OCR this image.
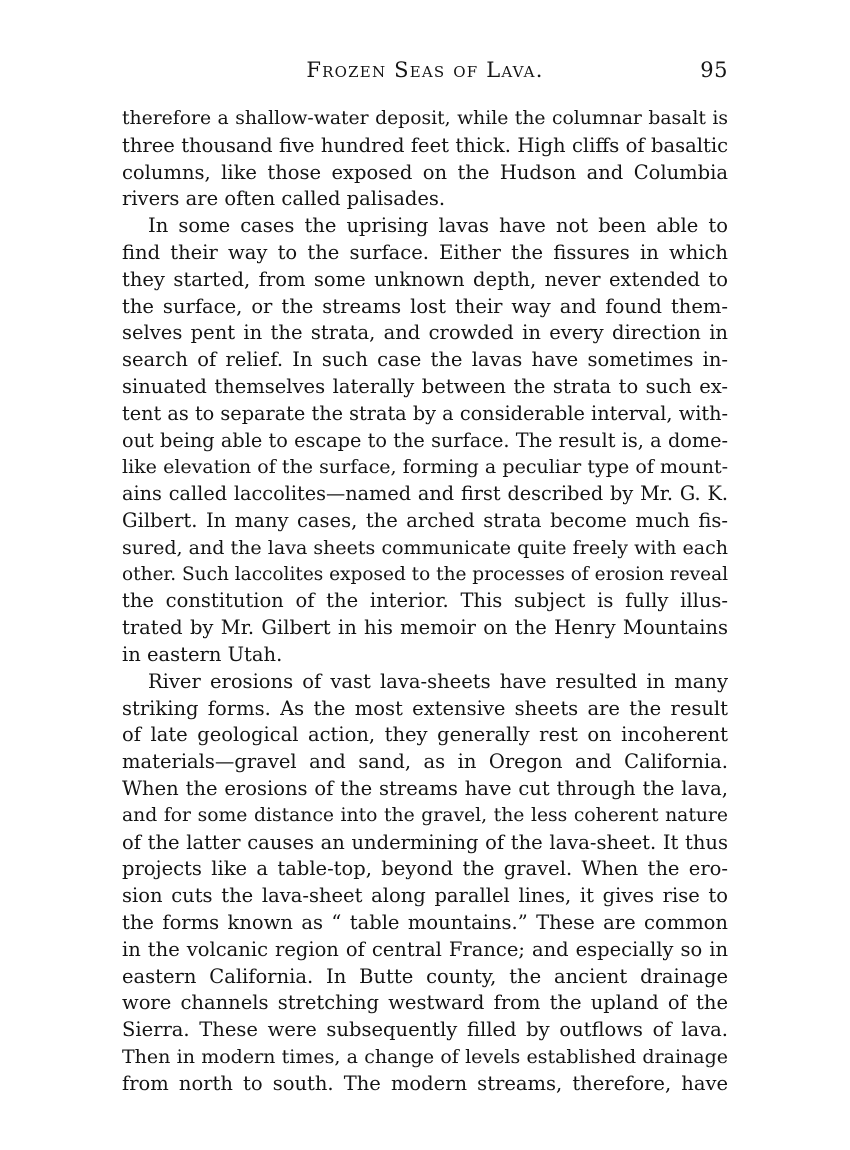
Frozen Seas of Lava.	95
therefore a shallow-water deposit, while the columnar basalt is
three thousand five hundred feet thick. High cliffs of basaltic
columns, like those exposed on the Hudson and Columbia
rivers are often called palisades.
In some cases the uprising lavas have not been able to
find their way to the surface. Either the fissures in which
they started, from some unknown depth, never extended to
the surface, or the streams lost their way and found them-
selves pent in the strata, and crowded in every direction in
search of relief. In such case the lavas have sometimes in-
sinuated themselves laterally between the strata to such ex-
tent as to separate the strata by a considerable interval, with-
out being able to escape to the surface. The result is, a dome-
like elevation of the surface, forming a peculiar type of mount-
ains called laccolites—named and first described by Mr. G. K.
Gilbert. In many cases, the arched strata become much fis-
sured, and the lava sheets communicate quite freely with each
other. Such laccolites exposed to the processes of erosion reveal
the constitution of the interior. This subject is fully illus-
trated by Mr. Gilbert in his memoir on the Henry Mountains
in eastern Utah.
River erosions of vast lava-sheets have resulted in many
striking forms. As the most extensive sheets are the result
of late geological action, they generally rest on incoherent
materials—gravel and sand, as in Oregon and California.
When the erosions of the streams have cut through the lava,
and for some distance into the gravel, the less coherent nature
of the latter causes an undermining of the lava-sheet. It thus
projects like a table-top, beyond the gravel. When the ero-
sion cuts the lava-sheet along parallel lines, it gives rise to
the forms known as “ table mountains.” These are common
in the volcanic region of central France; and especially so in
eastern California. In Butte county, the ancient drainage
wore channels stretching westward from the upland of the
Sierra. These were subsequently filled by outflows of lava.
Then in modern times, a change of levels established drainage
from north to south. The modern streams, therefore, have
